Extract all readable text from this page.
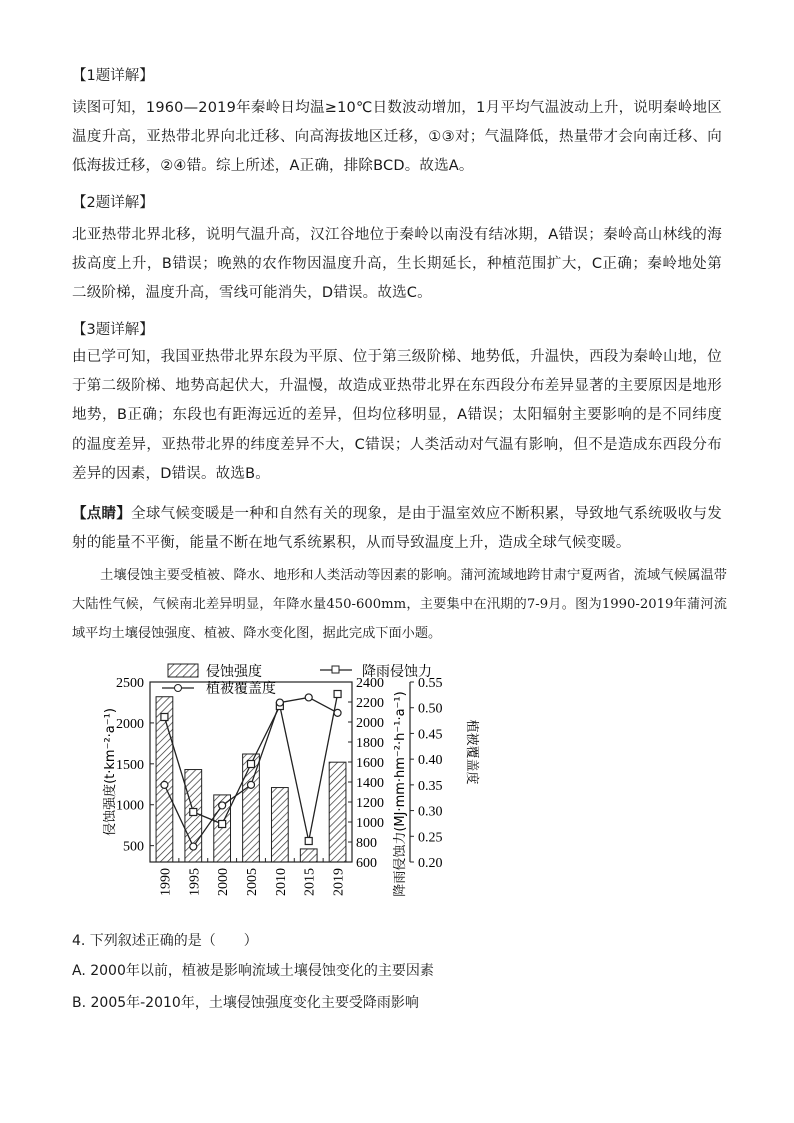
【1题详解】
读图可知，1960—2019年秦岭日均温≥10℃日数波动增加，1月平均气温波动上升，说明秦岭地区温度升高，亚热带北界向北迁移、向高海拔地区迁移，①③对；气温降低，热量带才会向南迁移、向低海拔迁移，②④错。综上所述，A正确，排除BCD。故选A。
【2题详解】
北亚热带北界北移，说明气温升高，汉江谷地位于秦岭以南没有结冰期，A错误；秦岭高山林线的海拔高度上升，B错误；晚熟的农作物因温度升高，生长期延长，种植范围扩大，C正确；秦岭地处第二级阶梯，温度升高，雪线可能消失，D错误。故选C。
【3题详解】
由已学可知，我国亚热带北界东段为平原、位于第三级阶梯、地势低，升温快，西段为秦岭山地，位于第二级阶梯、地势高起伏大，升温慢，故造成亚热带北界在东西段分布差异显著的主要原因是地形地势，B正确；东段也有距海远近的差异，但均位移明显，A错误；太阳辐射主要影响的是不同纬度的温度差异，亚热带北界的纬度差异不大，C错误；人类活动对气温有影响，但不是造成东西段分布差异的因素，D错误。故选B。
【点睛】全球气候变暖是一种和自然有关的现象，是由于温室效应不断积累，导致地气系统吸收与发射的能量不平衡，能量不断在地气系统累积，从而导致温度上升，造成全球气候变暖。
土壤侵蚀主要受植被、降水、地形和人类活动等因素的影响。蒲河流域地跨甘肃宁夏两省，流域气候属温带大陆性气候，气候南北差异明显，年降水量450-600mm，主要集中在汛期的7-9月。图为1990-2019年蒲河流域平均土壤侵蚀强度、植被、降水变化图，据此完成下面小题。
500
1000
1500
2000
2500
侵蚀强度(t·km⁻²·a⁻¹)
600
800
1000
1200
1400
1600
1800
2000
2200
2400
降雨侵蚀力(MJ·mm·hm⁻²·h⁻¹·a⁻¹) 0.20
0.25
0.30
0.35
0.40
0.45
0.50
0.55
植被覆盖度
1990 1995 2000 2005 2010 2015 2019
侵蚀强度	降雨侵蚀力
植被覆盖度
4. 下列叙述正确的是（　　）
A. 2000年以前，植被是影响流域土壤侵蚀变化的主要因素
B. 2005年-2010年，土壤侵蚀强度变化主要受降雨影响
